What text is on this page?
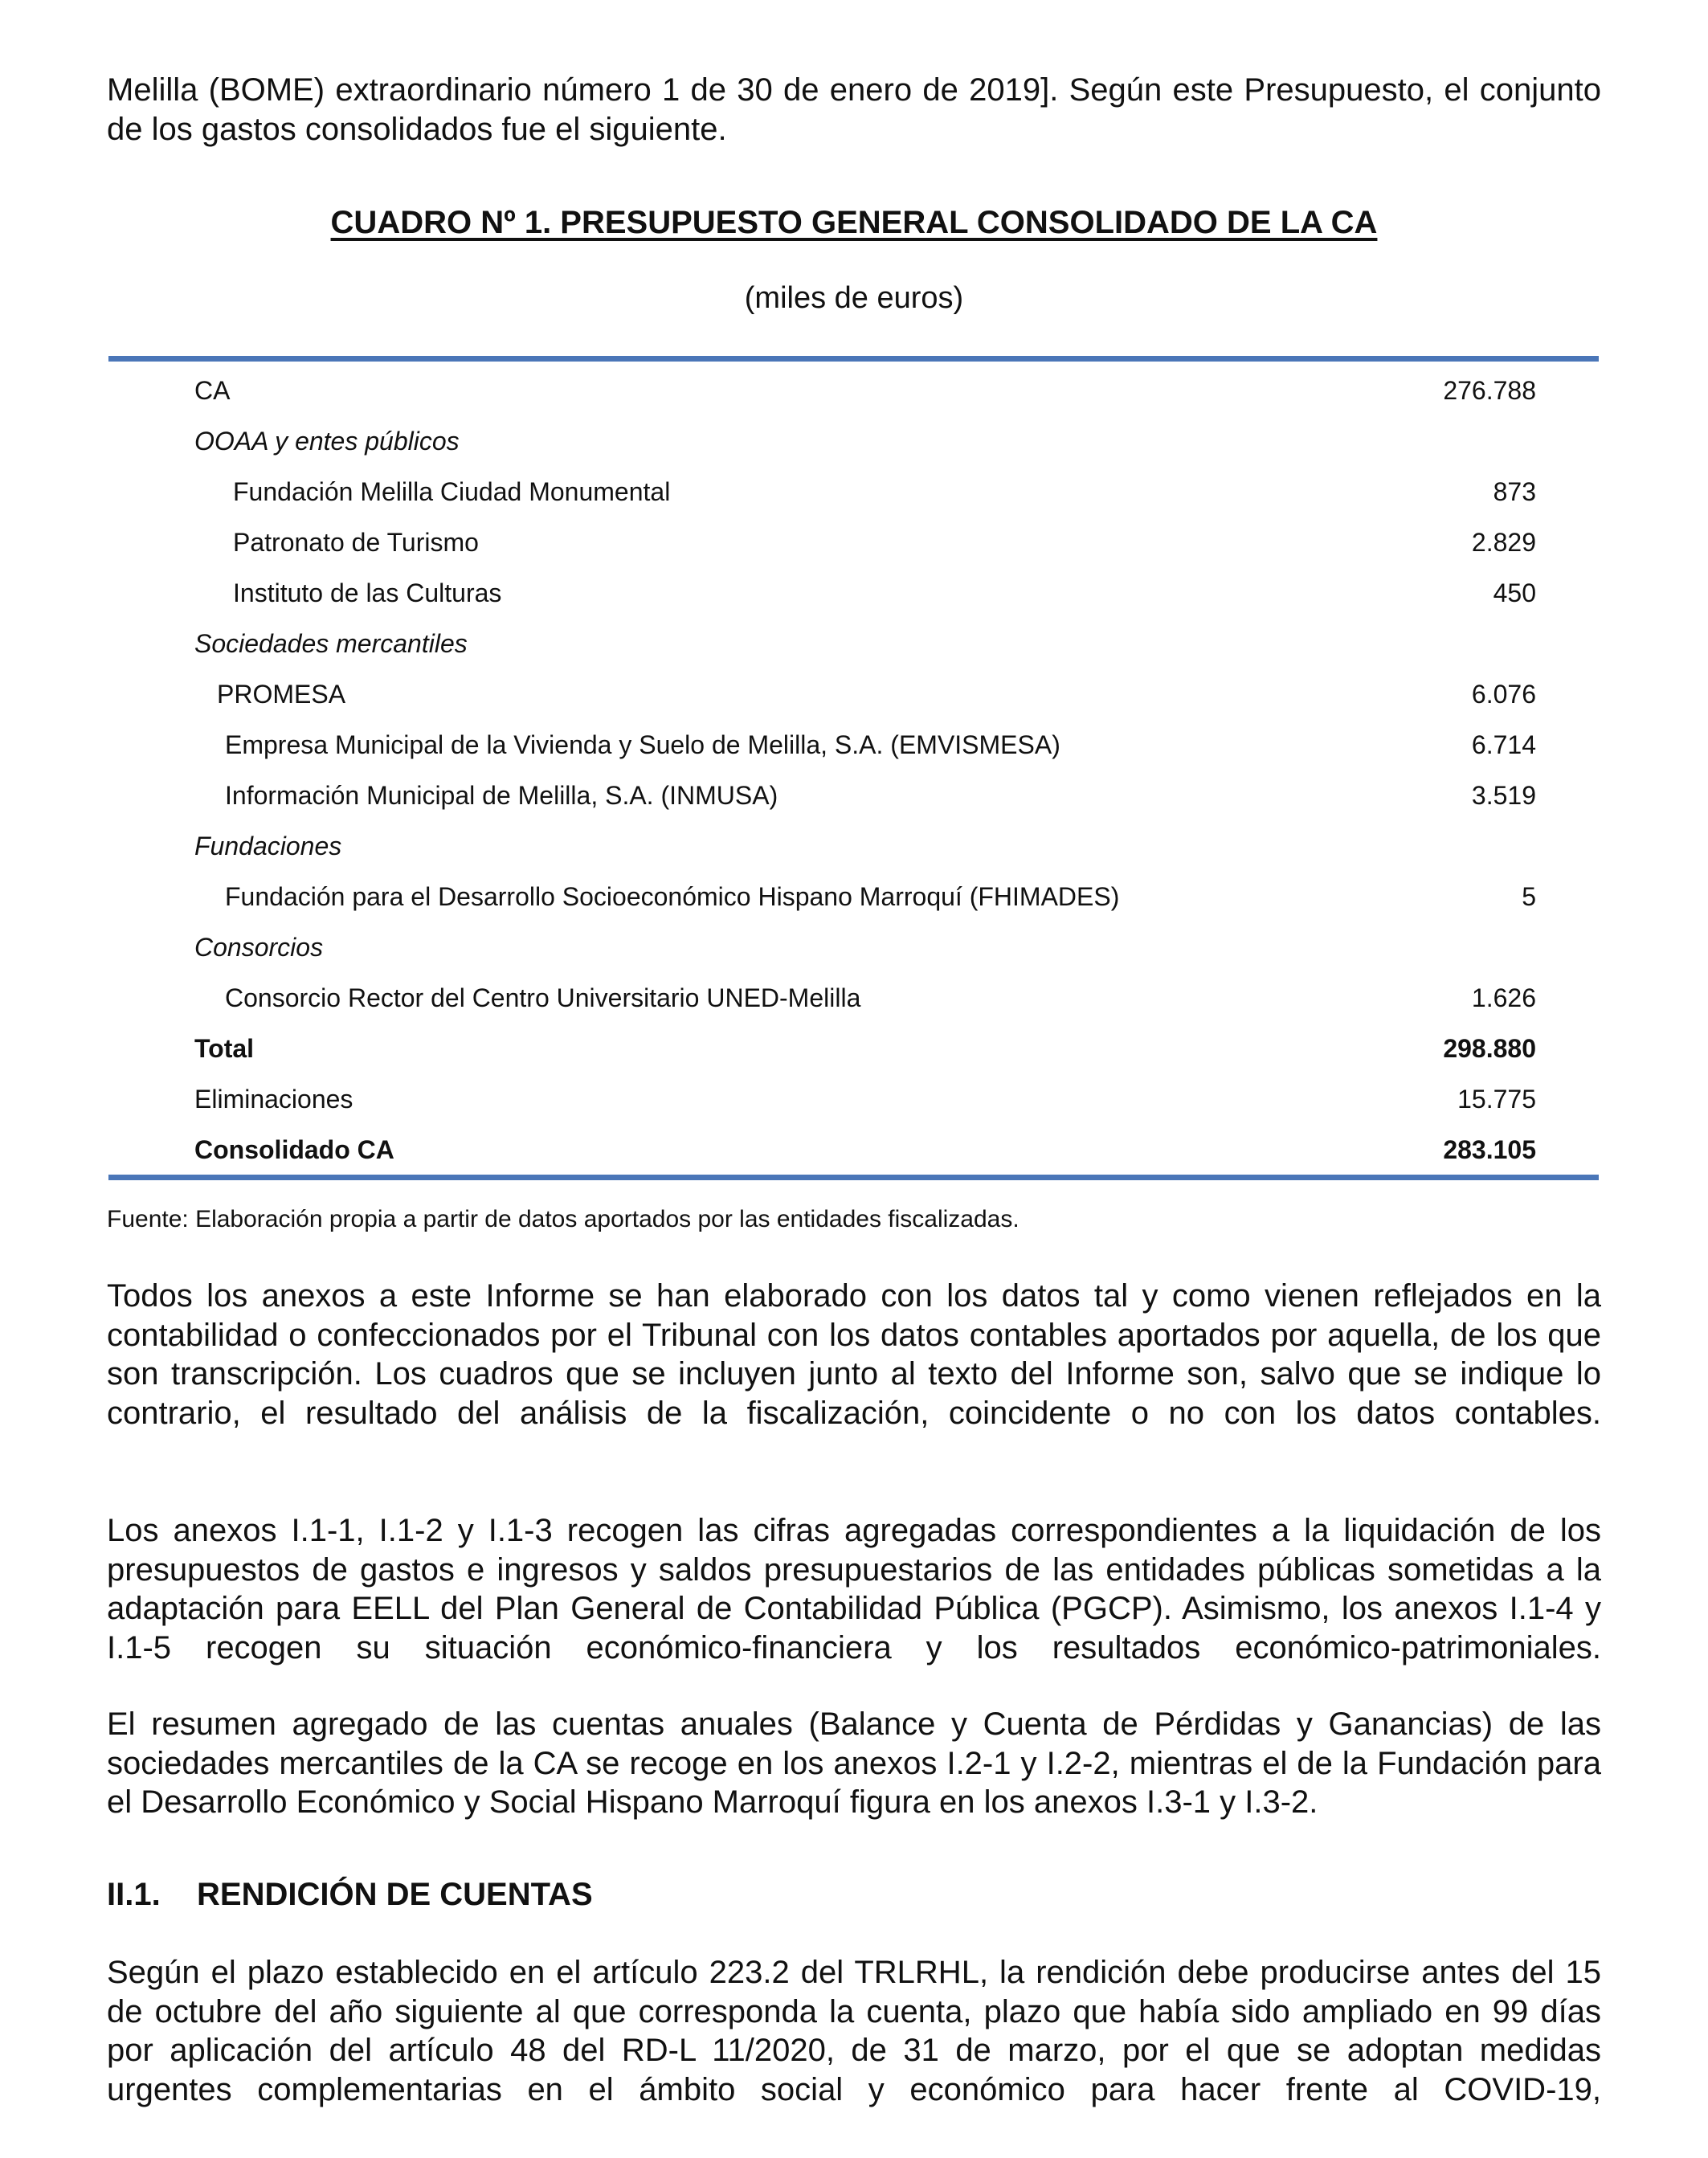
Melilla (BOME) extraordinario número 1 de 30 de enero de 2019]. Según este Presupuesto, el conjunto de los gastos consolidados fue el siguiente.

CUADRO Nº 1. PRESUPUESTO GENERAL CONSOLIDADO DE LA CA
(miles de euros)
CA	276.788
OOAA y entes públicos
Fundación Melilla Ciudad Monumental	873
Patronato de Turismo	2.829
Instituto de las Culturas	450
Sociedades mercantiles
PROMESA	6.076
Empresa Municipal de la Vivienda y Suelo de Melilla, S.A. (EMVISMESA)	6.714
Información Municipal de Melilla, S.A. (INMUSA)	3.519
Fundaciones
Fundación para el Desarrollo Socioeconómico Hispano Marroquí (FHIMADES)	5
Consorcios
Consorcio Rector del Centro Universitario UNED-Melilla	1.626
Total	298.880
Eliminaciones	15.775
Consolidado CA	283.105
Fuente: Elaboración propia a partir de datos aportados por las entidades fiscalizadas.

Todos los anexos a este Informe se han elaborado con los datos tal y como vienen reflejados en la contabilidad o confeccionados por el Tribunal con los datos contables aportados por aquella, de los que son transcripción. Los cuadros que se incluyen junto al texto del Informe son, salvo que se indique lo contrario, el resultado del análisis de la fiscalización, coincidente o no con los datos contables.

Los anexos I.1-1, I.1-2 y I.1-3 recogen las cifras agregadas correspondientes a la liquidación de los presupuestos de gastos e ingresos y saldos presupuestarios de las entidades públicas sometidas a la adaptación para EELL del Plan General de Contabilidad Pública (PGCP). Asimismo, los anexos I.1-4 y I.1-5 recogen su situación económico-financiera y los resultados económico-patrimoniales.

El resumen agregado de las cuentas anuales (Balance y Cuenta de Pérdidas y Ganancias) de las sociedades mercantiles de la CA se recoge en los anexos I.2-1 y I.2-2, mientras el de la Fundación para el Desarrollo Económico y Social Hispano Marroquí figura en los anexos I.3-1 y I.3-2.

II.1. RENDICIÓN DE CUENTAS

Según el plazo establecido en el artículo 223.2 del TRLRHL, la rendición debe producirse antes del 15 de octubre del año siguiente al que corresponda la cuenta, plazo que había sido ampliado en 99 días por aplicación del artículo 48 del RD-L 11/2020, de 31 de marzo, por el que se adoptan medidas urgentes complementarias en el ámbito social y económico para hacer frente al COVID-19,
